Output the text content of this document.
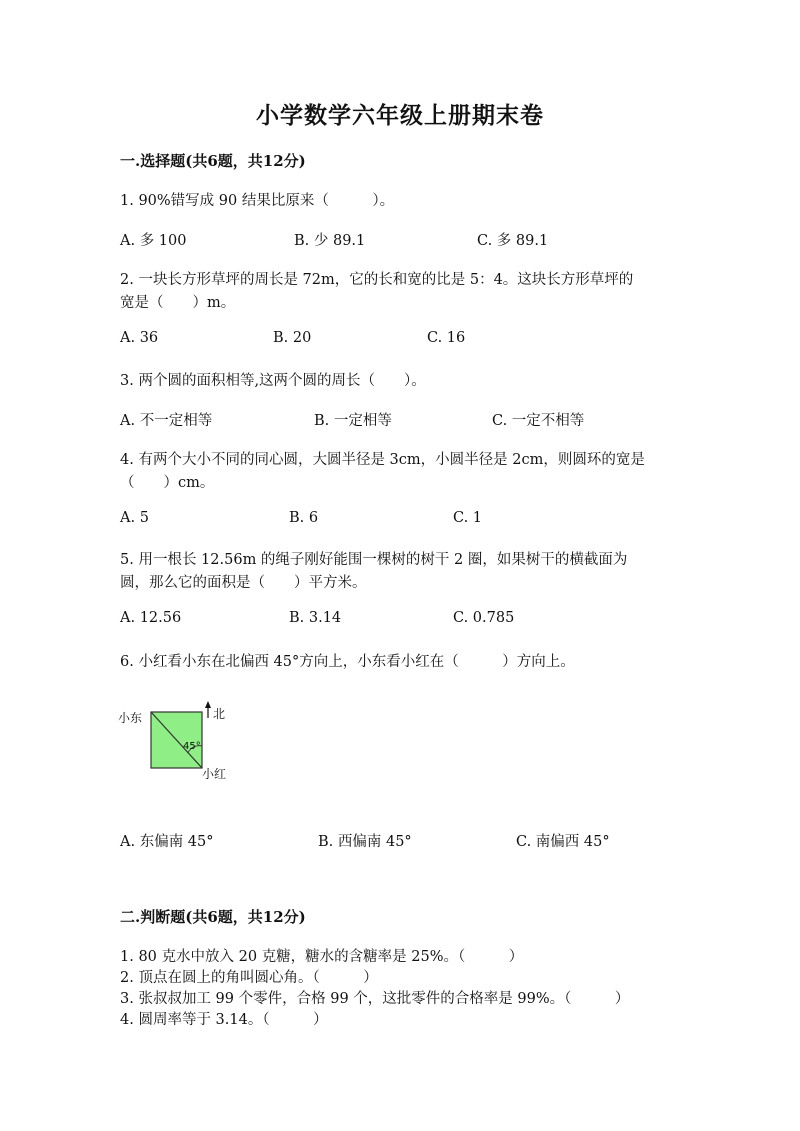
小学数学六年级上册期末卷
一.选择题(共6题，共12分)
1. 90%错写成 90 结果比原来（　　　）。
A. 多 100	B. 少 89.1	C. 多 89.1
2. 一块长方形草坪的周长是 72m，它的长和宽的比是 5：4。这块长方形草坪的
宽是（　　）m。
A. 36	B. 20	C. 16
3. 两个圆的面积相等,这两个圆的周长（　　）。
A. 不一定相等	B. 一定相等	C. 一定不相等
4. 有两个大小不同的同心圆，大圆半径是 3cm，小圆半径是 2cm，则圆环的宽是
（　　）cm。
A. 5	B. 6	C. 1
5. 用一根长 12.56m 的绳子刚好能围一棵树的树干 2 圈，如果树干的横截面为
圆，那么它的面积是（　　）平方米。
A. 12.56	B. 3.14	C. 0.785
6. 小红看小东在北偏西 45°方向上，小东看小红在（　　　）方向上。
小东	北
45°
小红
A. 东偏南 45°	B. 西偏南 45°	C. 南偏西 45°
二.判断题(共6题，共12分)
1. 80 克水中放入 20 克糖，糖水的含糖率是 25%。（　　　）
2. 顶点在圆上的角叫圆心角。（　　　）
3. 张叔叔加工 99 个零件，合格 99 个，这批零件的合格率是 99%。（　　　）
4. 圆周率等于 3.14。（　　　）
